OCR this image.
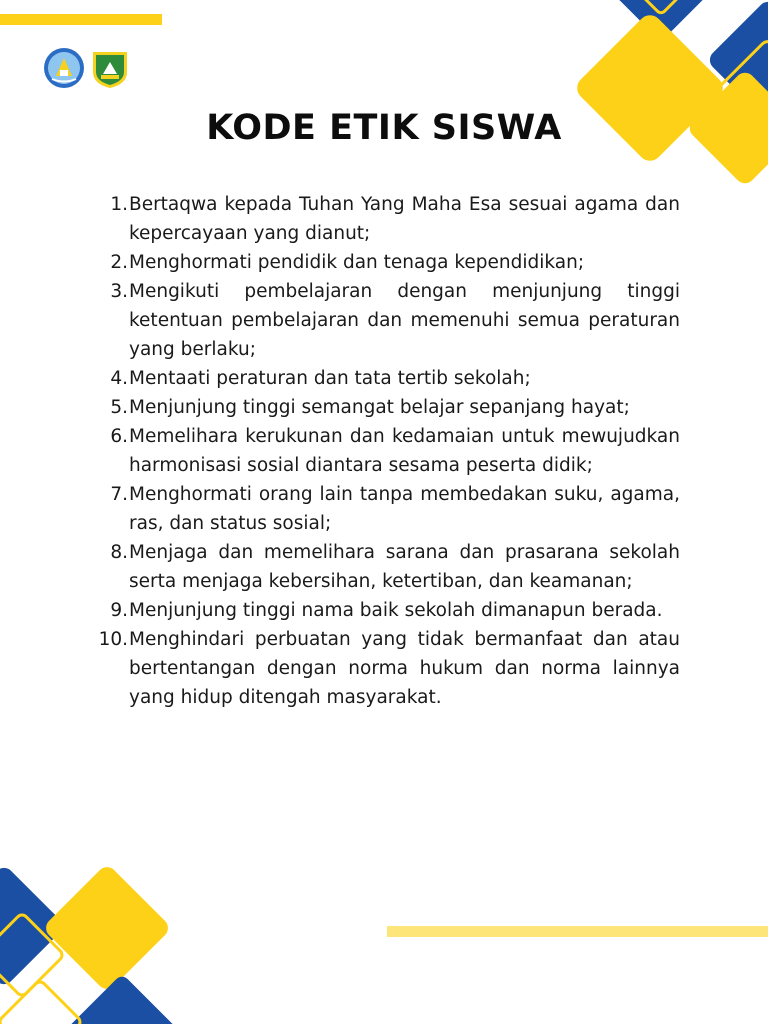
KODE ETIK SISWA
1. Bertaqwa kepada Tuhan Yang Maha Esa sesuai agama dan kepercayaan yang dianut;
2. Menghormati pendidik dan tenaga kependidikan;
3. Mengikuti pembelajaran dengan menjunjung tinggi ketentuan pembelajaran dan memenuhi semua peraturan yang berlaku;
4. Mentaati peraturan dan tata tertib sekolah;
5. Menjunjung tinggi semangat belajar sepanjang hayat;
6. Memelihara kerukunan dan kedamaian untuk mewujudkan harmonisasi sosial diantara sesama peserta didik;
7. Menghormati orang lain tanpa membedakan suku, agama, ras, dan status sosial;
8. Menjaga dan memelihara sarana dan prasarana sekolah serta menjaga kebersihan, ketertiban, dan keamanan;
9. Menjunjung tinggi nama baik sekolah dimanapun berada.
10. Menghindari perbuatan yang tidak bermanfaat dan atau bertentangan dengan norma hukum dan norma lainnya yang hidup ditengah masyarakat.
